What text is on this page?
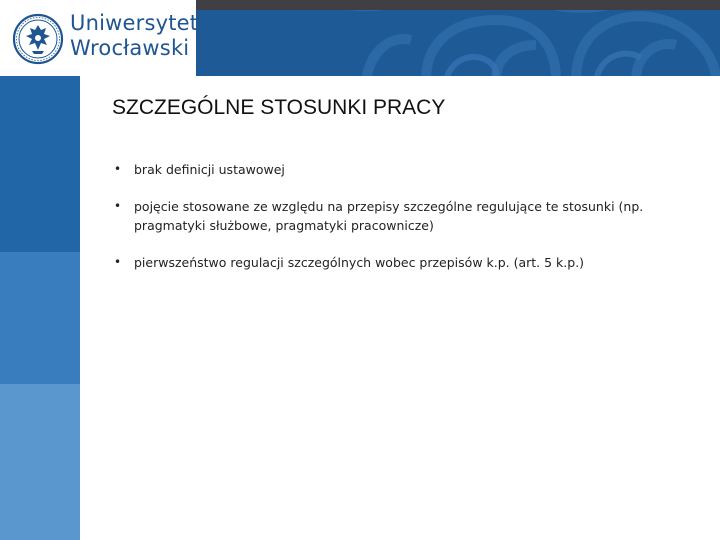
Uniwersytet
Wrocławski
SZCZEGÓLNE STOSUNKI PRACY
• brak definicji ustawowej
• pojęcie stosowane ze względu na przepisy szczególne regulujące te stosunki (np. pragmatyki służbowe, pragmatyki pracownicze)
• pierwszeństwo regulacji szczególnych wobec przepisów k.p. (art. 5 k.p.)
